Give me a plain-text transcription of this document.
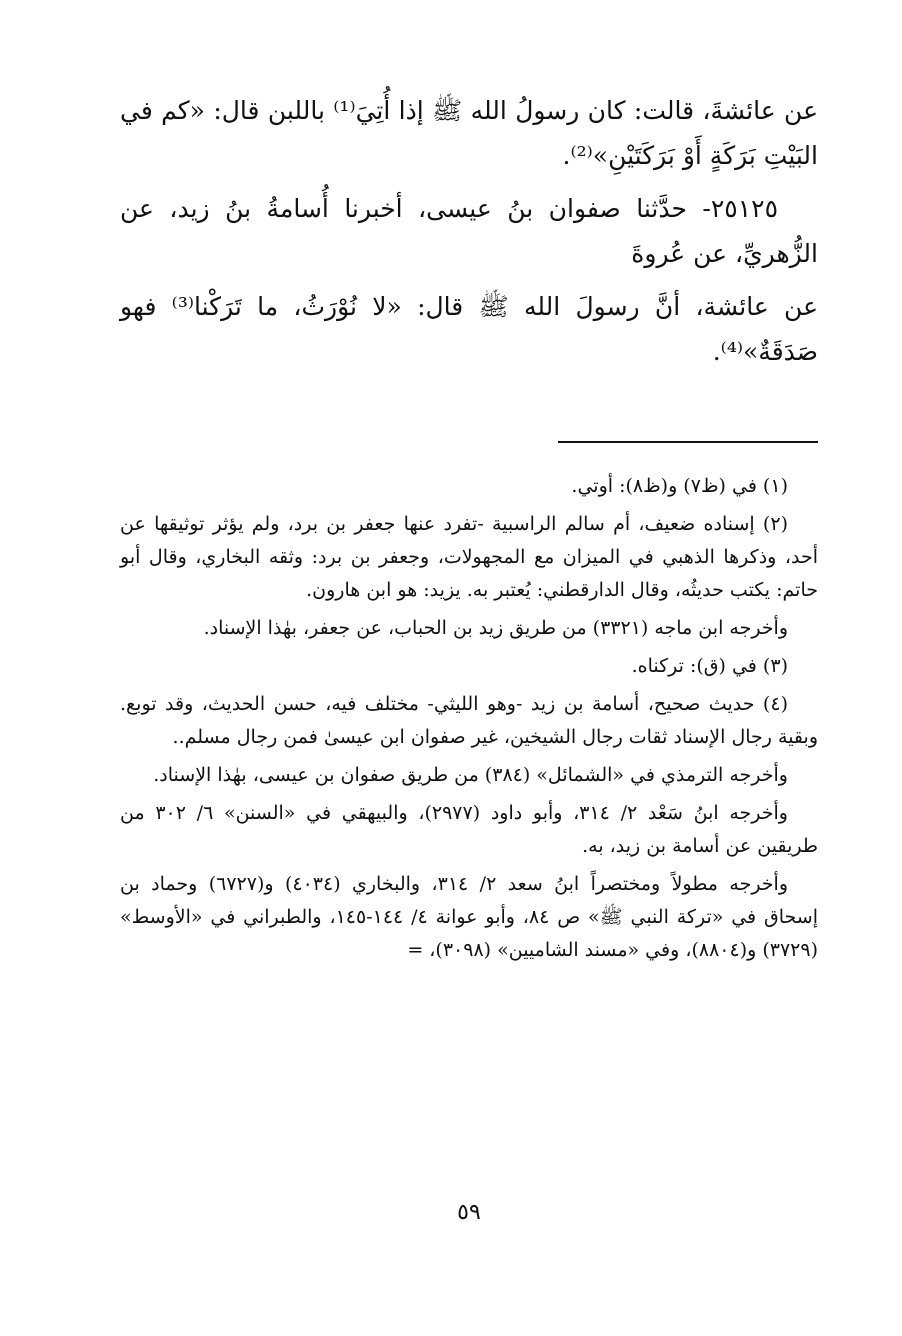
عن عائشةَ، قالت: كان رسولُ الله ﷺ إذا أُتِيَ⁽¹⁾ باللبن قال: «كم في البَيْتِ بَرَكَةٍ أَوْ بَرَكَتَيْنِ»⁽²⁾.

٢٥١٢٥- حدَّثنا صفوان بنُ عيسى، أخبرنا أُسامةُ بنُ زيد، عن الزُّهريِّ، عن عُروةَ

عن عائشة، أنَّ رسولَ الله ﷺ قال: «لا نُوْرَثُ، ما تَرَكْنا⁽³⁾ فهو صَدَقَةٌ»⁽⁴⁾.

(١) في (ظ٧) و(ظ٨): أوتي.

(٢) إسناده ضعيف، أم سالم الراسبية -تفرد عنها جعفر بن برد، ولم يؤثر توثيقها عن أحد، وذكرها الذهبي في الميزان مع المجهولات، وجعفر بن برد: وثقه البخاري، وقال أبو حاتم: يكتب حديثُه، وقال الدارقطني: يُعتبر به. يزيد: هو ابن هارون.

وأخرجه ابن ماجه (٣٣٢١) من طريق زيد بن الحباب، عن جعفر، بهٰذا الإسناد.

(٣) في (ق): تركناه.

(٤) حديث صحيح، أسامة بن زيد -وهو الليثي- مختلف فيه، حسن الحديث، وقد توبع. وبقية رجال الإسناد ثقات رجال الشيخين، غير صفوان ابن عيسىٰ فمن رجال مسلم..

وأخرجه الترمذي في «الشمائل» (٣٨٤) من طريق صفوان بن عيسى، بهٰذا الإسناد.

وأخرجه ابنُ سَعْد ٢/ ٣١٤، وأبو داود (٢٩٧٧)، والبيهقي في «السنن» ٦/ ٣٠٢ من طريقين عن أسامة بن زيد، به.

وأخرجه مطولاً ومختصراً ابنُ سعد ٢/ ٣١٤، والبخاري (٤٠٣٤) و(٦٧٢٧) وحماد بن إسحاق في «تركة النبي ﷺ» ص ٨٤، وأبو عوانة ٤/ ١٤٤-١٤٥، والطبراني في «الأوسط» (٣٧٢٩) و(٨٨٠٤)، وفي «مسند الشاميين» (٣٠٩٨)، =

٥٩
